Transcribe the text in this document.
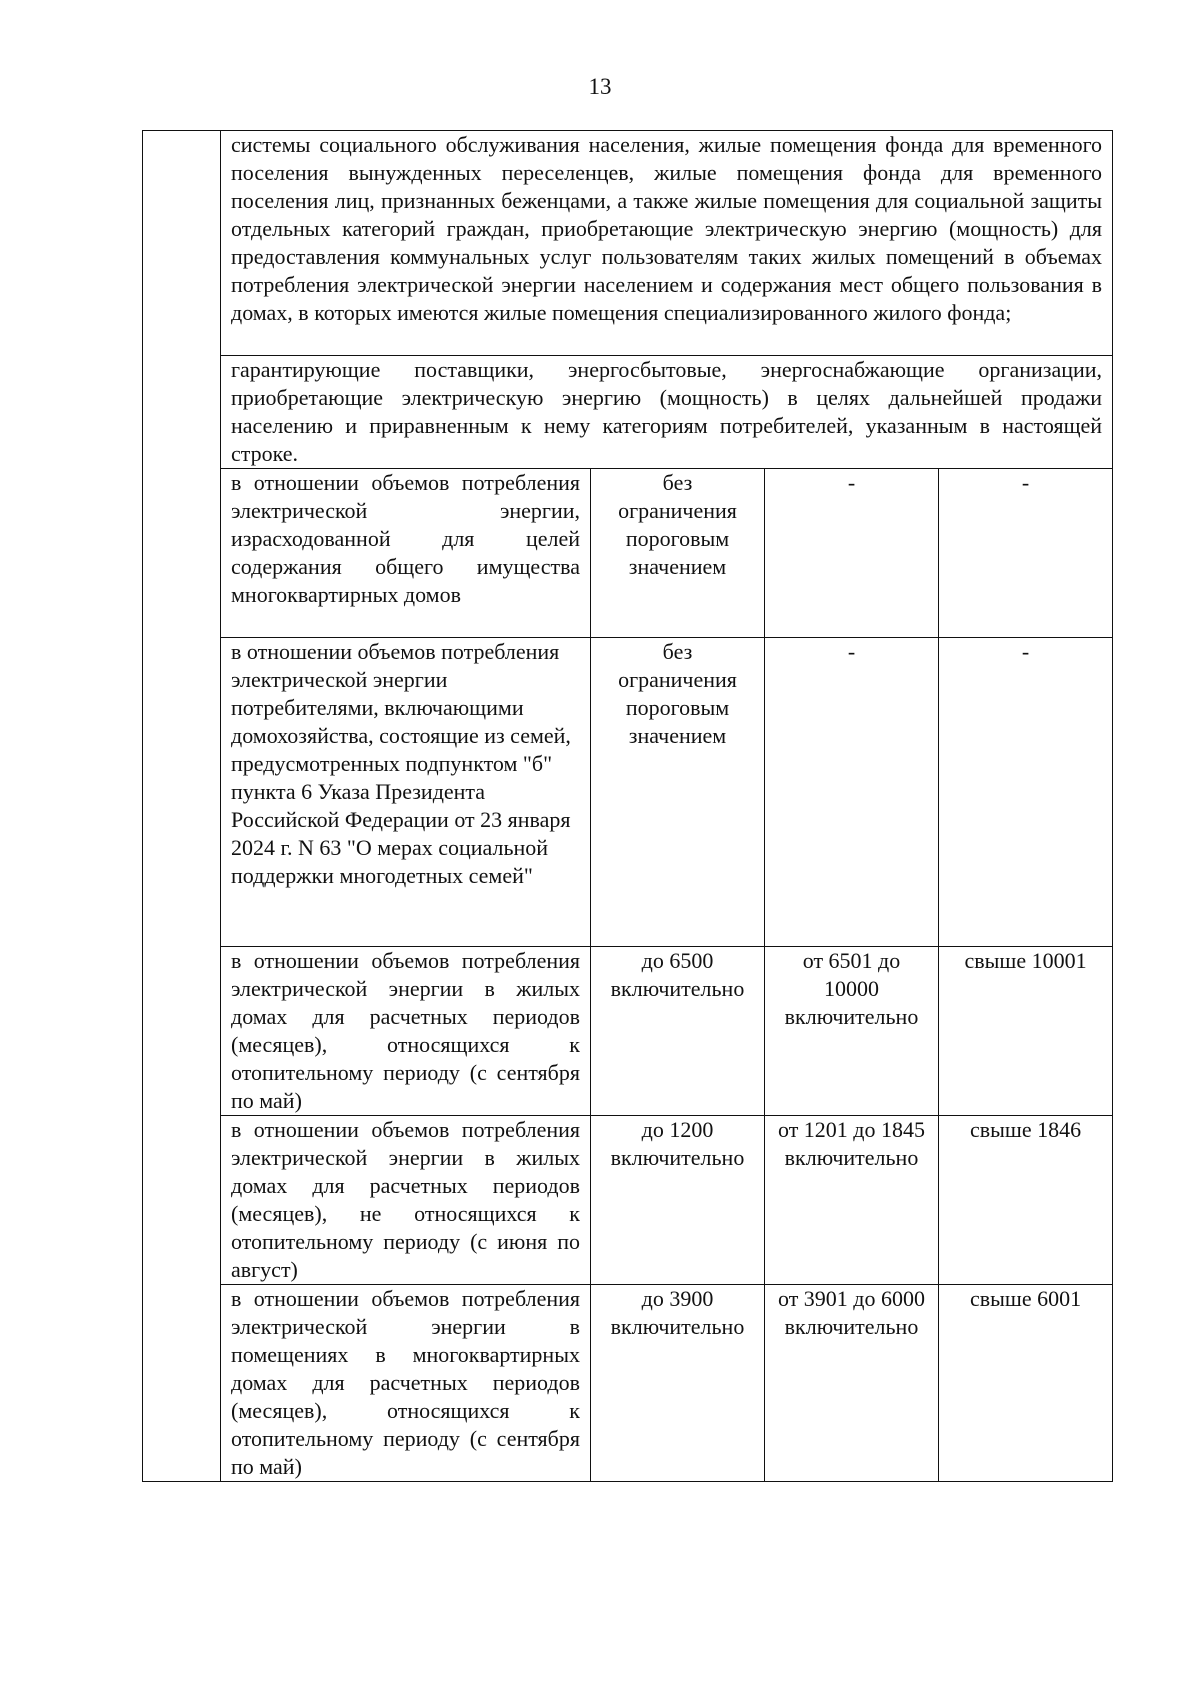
13
	системы социального обслуживания населения, жилые помещения фонда для временного поселения вынужденных переселенцев, жилые помещения фонда для временного поселения лиц, признанных беженцами, а также жилые помещения для социальной защиты отдельных категорий граждан, приобретающие электрическую энергию (мощность) для предоставления коммунальных услуг пользователям таких жилых помещений в объемах потребления электрической энергии населением и содержания мест общего пользования в домах, в которых имеются жилые помещения специализированного жилого фонда;			
	гарантирующие поставщики, энергосбытовые, энергоснабжающие организации, приобретающие электрическую энергию (мощность) в целях дальнейшей продажи населению и приравненным к нему категориям потребителей, указанным в настоящей строке.			
	в отношении объемов потребления электрической энергии, израсходованной для целей содержания общего имущества многоквартирных домов	без ограничения пороговым значением	-	-
	в отношении объемов потребления электрической энергии потребителями, включающими домохозяйства, состоящие из семей, предусмотренных подпунктом "б" пункта 6 Указа Президента Российской Федерации от 23 января 2024 г. N 63 "О мерах социальной поддержки многодетных семей"	без ограничения пороговым значением	-	-
	в отношении объемов потребления электрической энергии в жилых домах для расчетных периодов (месяцев), относящихся к отопительному периоду (с сентября по май)	до 6500 включительно	от 6501 до 10000 включительно	свыше 10001
	в отношении объемов потребления электрической энергии в жилых домах для расчетных периодов (месяцев), не относящихся к отопительному периоду (с июня по август)	до 1200 включительно	от 1201 до 1845 включительно	свыше 1846
	в отношении объемов потребления электрической энергии в помещениях в многоквартирных домах для расчетных периодов (месяцев), относящихся к отопительному периоду (с сентября по май)	до 3900 включительно	от 3901 до 6000 включительно	свыше 6001
